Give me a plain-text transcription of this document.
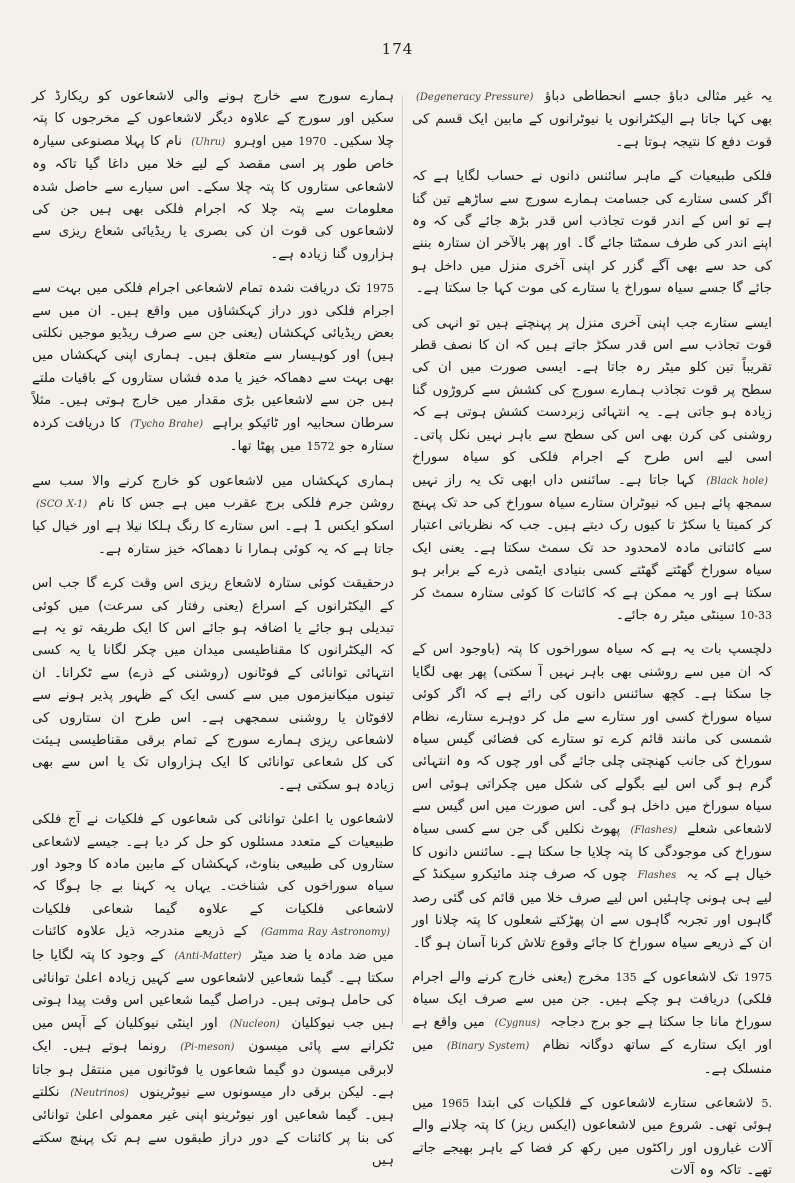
174

یہ غیر مثالی دباؤ جسے انحطاطی دباؤ (Degeneracy Pressure) بھی کہا جاتا ہے الیکٹرانوں یا نیوٹرانوں کے مابین ایک قسم کی قوت دفع کا نتیجہ ہوتا ہے۔

فلکی طبیعیات کے ماہر سائنس دانوں نے حساب لگایا ہے کہ اگر کسی ستارے کی جسامت ہمارے سورج سے ساڑھے تین گنا ہے تو اس کے اندر قوت تجاذب اس قدر بڑھ جائے گی کہ وہ اپنے اندر کی طرف سمٹتا جائے گا۔ اور پھر بالآخر ان ستارہ بننے کی حد سے بھی آگے گزر کر اپنی آخری منزل میں داخل ہو جائے گا جسے سیاہ سوراخ یا ستارے کی موت کہا جا سکتا ہے۔

ایسے ستارے جب اپنی آخری منزل پر پہنچتے ہیں تو انہی کی قوت تجاذب سے اس قدر سکڑ جاتے ہیں کہ ان کا نصف قطر تقریباً تین کلو میٹر رہ جاتا ہے۔ ایسی صورت میں ان کی سطح پر قوت تجاذب ہمارے سورج کی کشش سے کروڑوں گنا زیادہ ہو جاتی ہے۔ یہ انتہائی زبردست کشش ہوتی ہے کہ روشنی کی کرن بھی اس کی سطح سے باہر نہیں نکل پاتی۔ اسی لیے اس طرح کے اجرام فلکی کو سیاہ سوراخ (Black hole) کہا جاتا ہے۔ سائنس داں ابھی تک یہ راز نہیں سمجھ پائے ہیں کہ نیوٹران ستارے سیاہ سوراخ کی حد تک پہنچ کر کمیتا یا سکڑ تا کیوں رک دیتے ہیں۔ جب کہ نظریاتی اعتبار سے کائناتی مادہ لامحدود حد تک سمٹ سکتا ہے۔ یعنی ایک سیاہ سوراخ گھٹتے گھٹتے کسی بنیادی ایٹمی ذرے کے برابر ہو سکتا ہے اور یہ ممکن ہے کہ کائنات کا کوئی ستارہ سمٹ کر 10-33 سینٹی میٹر رہ جائے۔

دلچسپ بات یہ ہے کہ سیاہ سوراخوں کا پتہ (باوجود اس کے کہ ان میں سے روشنی بھی باہر نہیں آ سکتی) پھر بھی لگایا جا سکتا ہے۔ کچھ سائنس دانوں کی رائے ہے کہ اگر کوئی سیاہ سوراخ کسی اور ستارے سے مل کر دوہرے ستارے، نظام شمسی کی مانند قائم کرے تو ستارے کی فضائی گیس سیاہ سوراخ کی جانب کھنچتی چلی جائے گی اور چوں کہ وہ انتہائی گرم ہو گی اس لیے بگولے کی شکل میں چکراتی ہوئی اس سیاہ سوراخ میں داخل ہو گی۔ اس صورت میں اس گیس سے لاشعاعی شعلے (Flashes) پھوٹ نکلیں گی جن سے کسی سیاہ سوراخ کی موجودگی کا پتہ چلایا جا سکتا ہے۔ سائنس دانوں کا خیال ہے کہ یہ Flashes چوں کہ صرف چند مائیکرو سیکنڈ کے لیے ہی ہونی چاہئیں اس لیے صرف خلا میں قائم کی گئی رصد گاہوں اور تجربہ گاہوں سے ان پھڑکتے شعلوں کا پتہ چلانا اور ان کے ذریعے سیاہ سوراخ کا جائے وقوع تلاش کرنا آسان ہو گا۔

1975 تک لاشعاعوں کے 135 مخرج (یعنی خارج کرنے والے اجرام فلکی) دریافت ہو چکے ہیں۔ جن میں سے صرف ایک سیاہ سوراخ مانا جا سکتا ہے جو برج دجاجہ (Cygnus) میں واقع ہے اور ایک ستارے کے ساتھ دوگانہ نظام (Binary System) میں منسلک ہے۔

5. لاشعاعی ستارے لاشعاعوں کے فلکیات کی ابتدا 1965 میں ہوئی تھی۔ شروع میں لاشعاعوں (ایکس ریز) کا پتہ چلانے والے آلات غباروں اور راکٹوں میں رکھ کر فضا کے باہر بھیجے جاتے تھے۔ تاکہ وہ آلات

ہمارے سورج سے خارج ہونے والی لاشعاعوں کو ریکارڈ کر سکیں اور سورج کے علاوہ دیگر لاشعاعوں کے مخرجوں کا پتہ چلا سکیں۔ 1970 میں اوہرو (Uhru) نام کا پہلا مصنوعی سیارہ خاص طور پر اسی مقصد کے لیے خلا میں داغا گیا تاکہ وہ لاشعاعی ستاروں کا پتہ چلا سکے۔ اس سیارے سے حاصل شدہ معلومات سے پتہ چلا کہ اجرام فلکی بھی ہیں جن کی لاشعاعوں کی قوت ان کی بصری یا ریڈیائی شعاع ریزی سے ہزاروں گنا زیادہ ہے۔

1975 تک دریافت شدہ تمام لاشعاعی اجرام فلکی میں بہت سے اجرام فلکی دور دراز کہکشاؤں میں واقع ہیں۔ ان میں سے بعض ریڈیائی کہکشاں (یعنی جن سے صرف ریڈیو موجیں نکلتی ہیں) اور کوہیسار سے متعلق ہیں۔ ہماری اپنی کہکشاں میں بھی بہت سے دھماکہ خیز یا مدہ فشاں ستاروں کے باقیات ملتے ہیں جن سے لاشعاعیں بڑی مقدار میں خارج ہوتی ہیں۔ مثلاً سرطان سحابیہ اور ٹائیکو براہے (Tycho Brahe) کا دریافت کردہ ستارہ جو 1572 میں پھٹا تھا۔

ہماری کہکشاں میں لاشعاعوں کو خارج کرنے والا سب سے روشن جرم فلکی برج عقرب میں ہے جس کا نام (SCO X-1) اسکو ایکس 1 ہے۔ اس ستارے کا رنگ ہلکا نیلا ہے اور خیال کیا جاتا ہے کہ یہ کوئی ہمارا نا دھماکہ خیز ستارہ ہے۔

درحقیقت کوئی ستارہ لاشعاع ریزی اس وقت کرے گا جب اس کے الیکٹرانوں کے اسراع (یعنی رفتار کی سرعت) میں کوئی تبدیلی ہو جائے یا اضافہ ہو جائے اس کا ایک طریقہ تو یہ ہے کہ الیکٹرانوں کا مقناطیسی میدان میں چکر لگانا یا یہ کسی انتہائی توانائی کے فوٹانوں (روشنی کے ذرے) سے ٹکرانا۔ ان تینوں میکانیزموں میں سے کسی ایک کے ظہور پذیر ہونے سے لافوٹان یا روشنی سمجھی ہے۔ اس طرح ان ستاروں کی لاشعاعی ریزی ہمارے سورج کے تمام برقی مقناطیسی ہیئت کی کل شعاعی توانائی کا ایک ہزارواں تک یا اس سے بھی زیادہ ہو سکتی ہے۔

لاشعاعوں یا اعلیٰ توانائی کی شعاعوں کے فلکیات نے آج فلکی طبیعیات کے متعدد مسئلوں کو حل کر دیا ہے۔ جیسے لاشعاعی ستاروں کی طبیعی بناوٹ، کہکشاں کے مابین مادہ کا وجود اور سیاہ سوراخوں کی شناخت۔ یہاں یہ کہنا بے جا ہوگا کہ لاشعاعی فلکیات کے علاوہ گیما شعاعی فلکیات (Gamma Ray Astronomy) کے ذریعے مندرجہ ذیل علاوہ کائنات میں ضد مادہ یا ضد میٹر (Anti-Matter) کے وجود کا پتہ لگایا جا سکتا ہے۔ گیما شعاعیں لاشعاعوں سے کہیں زیادہ اعلیٰ توانائی کی حامل ہوتی ہیں۔ دراصل گیما شعاعیں اس وقت پیدا ہوتی ہیں جب نیوکلیان (Nucleon) اور اینٹی نیوکلیان کے آپس میں ٹکرانے سے پائی میسون (Pi-meson) رونما ہوتے ہیں۔ ایک لابرقی میسون دو گیما شعاعوں یا فوٹانوں میں منتقل ہو جاتا ہے۔ لیکن برقی دار میسونوں سے نیوٹرینوں (Neutrinos) نکلتے ہیں۔ گیما شعاعیں اور نیوٹرینو اپنی غیر معمولی اعلیٰ توانائی کی بنا پر کائنات کے دور دراز طبقوں سے ہم تک پہنچ سکتے ہیں
